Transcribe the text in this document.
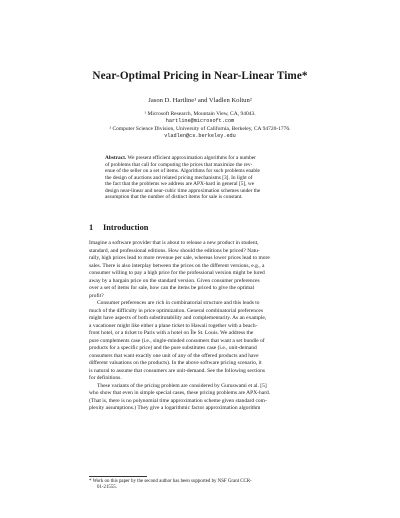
Near-Optimal Pricing in Near-Linear Time*
Jason D. Hartline¹ and Vladlen Koltun²
¹ Microsoft Research, Mountain View, CA, 94043.
hartline@microsoft.com
² Computer Science Division, University of California, Berkeley, CA 94720-1776.
vladlen@cs.berkeley.edu
Abstract. We present efficient approximation algorithms for a number
of problems that call for computing the prices that maximize the rev-
enue of the seller on a set of items. Algorithms for such problems enable
the design of auctions and related pricing mechanisms [3]. In light of
the fact that the problems we address are APX-hard in general [5], we
design near-linear and near-cubic time approximation schemes under the
assumption that the number of distinct items for sale is constant.
1 Introduction
Imagine a software provider that is about to release a new product in student,
standard, and professional editions. How should the editions be priced? Natu-
rally, high prices lead to more revenue per sale, whereas lower prices lead to more
sales. There is also interplay between the prices on the different versions, e.g., a
consumer willing to pay a high price for the professional version might be lured
away by a bargain price on the standard version. Given consumer preferences
over a set of items for sale, how can the items be priced to give the optimal
profit?
Consumer preferences are rich in combinatorial structure and this leads to
much of the difficulty in price optimization. General combinatorial preferences
might have aspects of both substitutability and complementarity. As an example,
a vacationer might like either a plane ticket to Hawaii together with a beach-
front hotel, or a ticket to Paris with a hotel on Île St. Louis. We address the
pure complements case (i.e., single-minded consumers that want a set bundle of
products for a specific price) and the pure substitutes case (i.e., unit-demand
consumers that want exactly one unit of any of the offered products and have
different valuations on the products). In the above software pricing scenario, it
is natural to assume that consumers are unit-demand. See the following sections
for definitions.
These variants of the pricing problem are considered by Guruswami et al. [5]
who show that even in simple special cases, these pricing problems are APX-hard.
(That is, there is no polynomial time approximation scheme given standard com-
plexity assumptions.) They give a logarithmic factor approximation algorithm
* Work on this paper by the second author has been supported by NSF Grant CCR-
01-21555.
